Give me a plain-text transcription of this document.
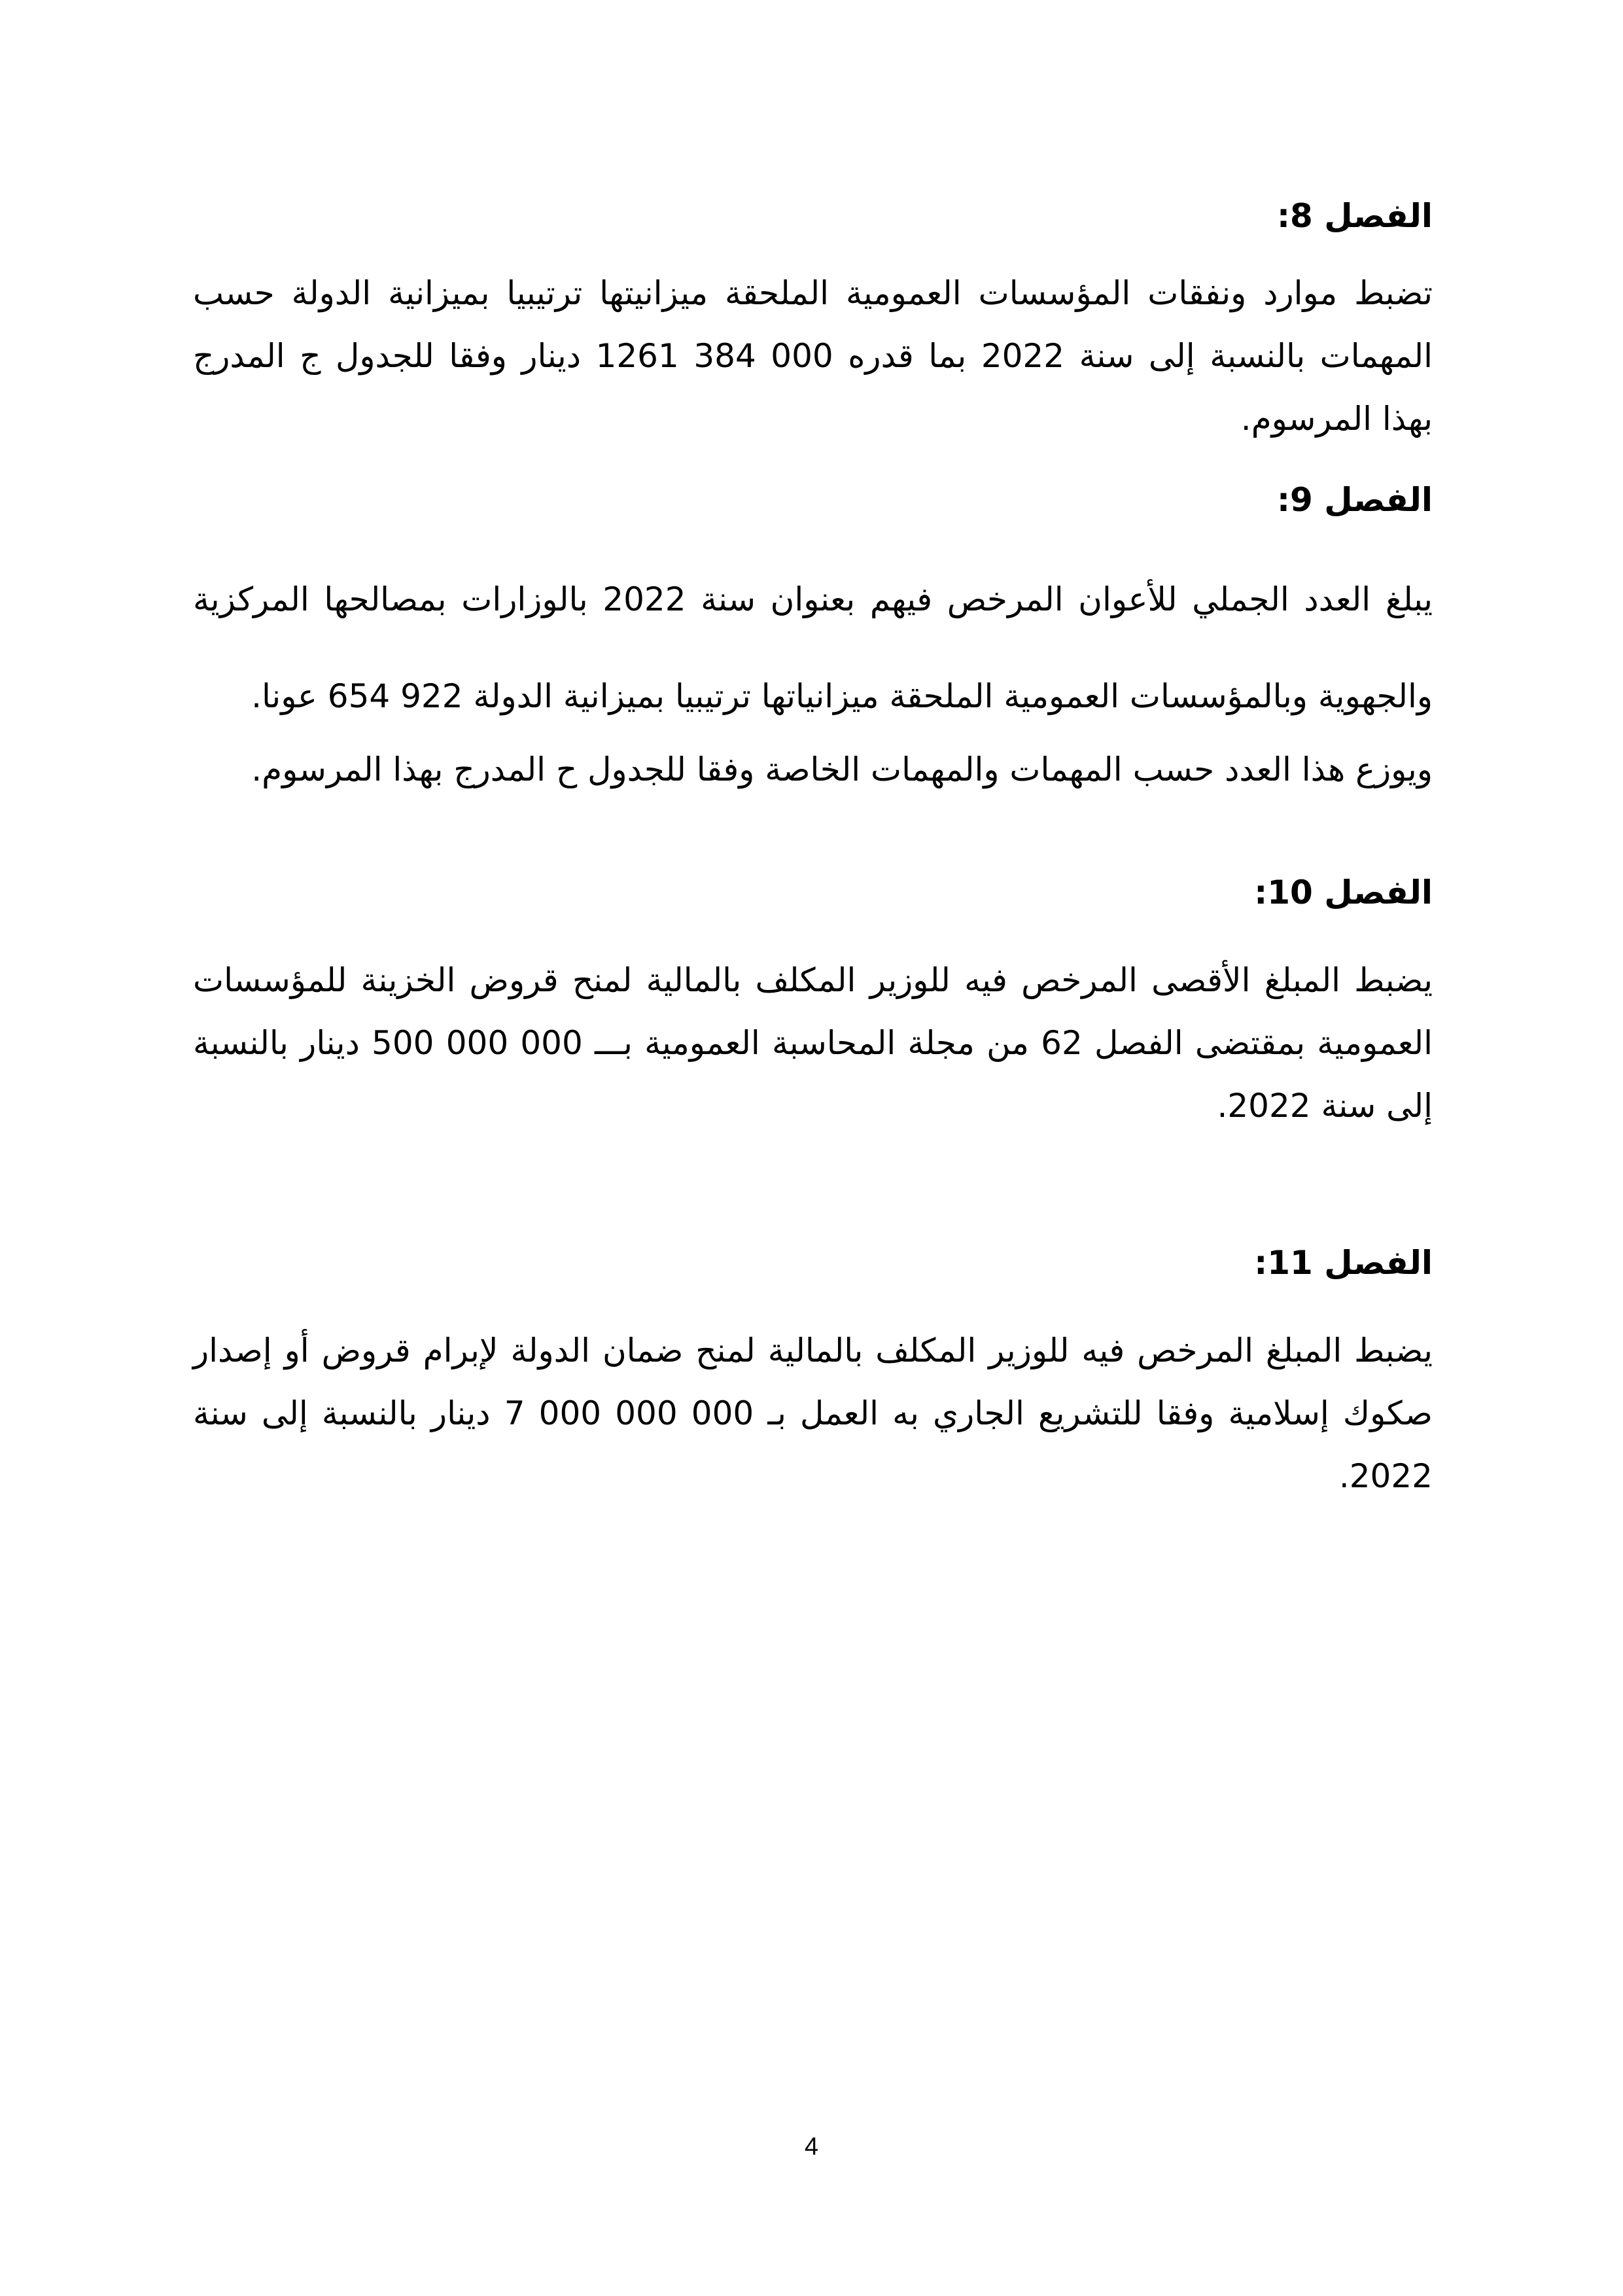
الفصل 8:

تضبط موارد ونفقات المؤسسات العمومية الملحقة ميزانيتها ترتيبيا بميزانية الدولة حسب المهمات بالنسبة إلى سنة 2022 بما قدره 000 384 1261 دينار وفقا للجدول ج المدرج بهذا المرسوم.

الفصل 9:

يبلغ العدد الجملي للأعوان المرخص فيهم بعنوان سنة 2022 بالوزارات بمصالحها المركزية والجهوية وبالمؤسسات العمومية الملحقة ميزانياتها ترتيبيا بميزانية الدولة 922 654 عونا.

ويوزع هذا العدد حسب المهمات والمهمات الخاصة وفقا للجدول ح المدرج بهذا المرسوم.

الفصل 10:

يضبط المبلغ الأقصى المرخص فيه للوزير المكلف بالمالية لمنح قروض الخزينة للمؤسسات العمومية بمقتضى الفصل 62 من مجلة المحاسبة العمومية بـــ 000 000 500 دينار بالنسبة إلى سنة 2022.

الفصل 11:

يضبط المبلغ المرخص فيه للوزير المكلف بالمالية لمنح ضمان الدولة لإبرام قروض أو إصدار صكوك إسلامية وفقا للتشريع الجاري به العمل بـ 000 000 000 7 دينار بالنسبة إلى سنة 2022.

4
